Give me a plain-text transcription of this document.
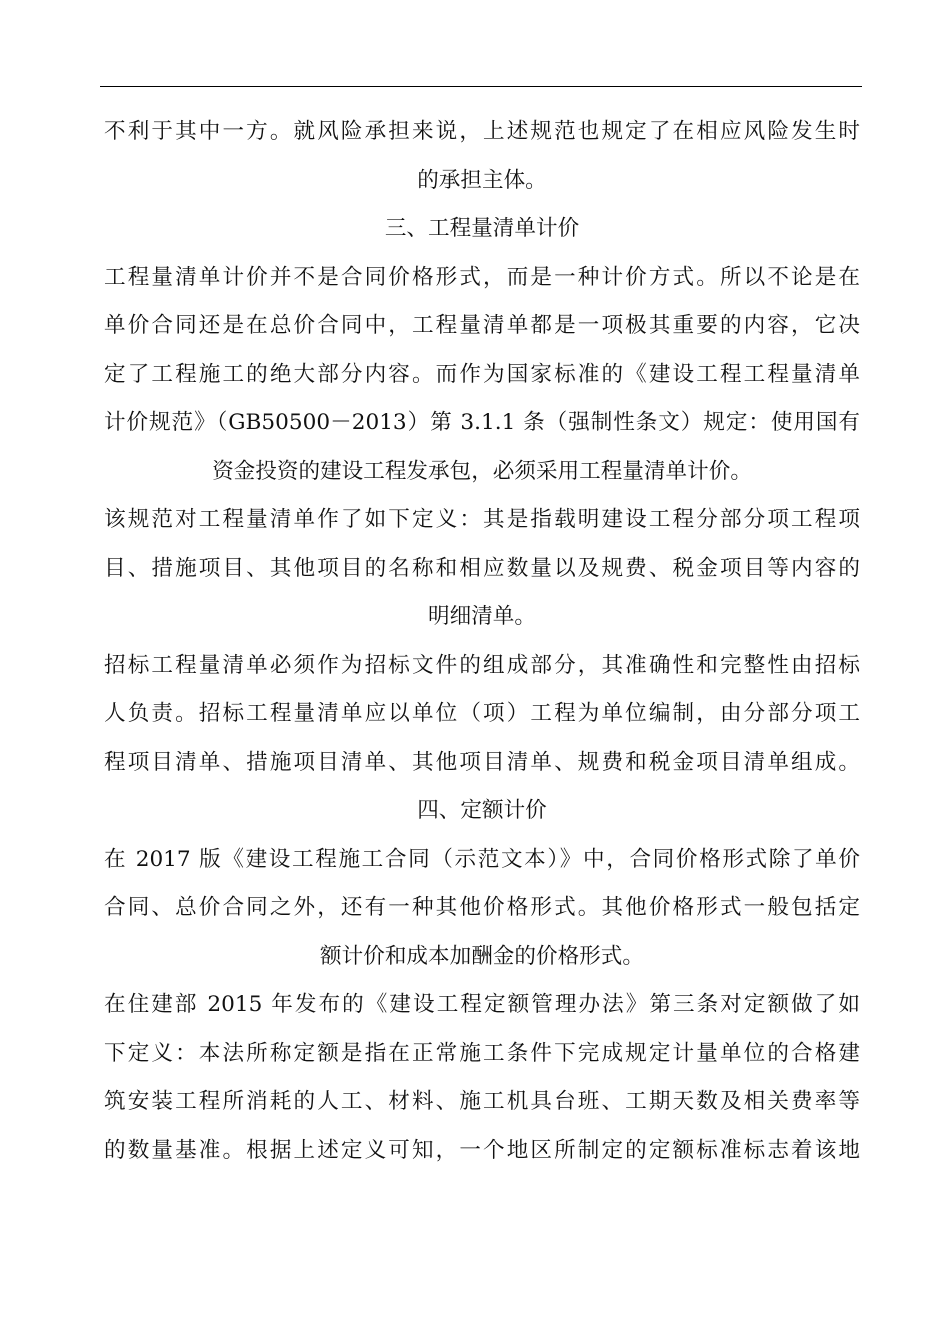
不利于其中一方。就风险承担来说，上述规范也规定了在相应风险发生时
的承担主体。
三、工程量清单计价
工程量清单计价并不是合同价格形式，而是一种计价方式。所以不论是在
单价合同还是在总价合同中，工程量清单都是一项极其重要的内容，它决
定了工程施工的绝大部分内容。而作为国家标准的《建设工程工程量清单
计价规范》（GB50500－2013）第 3.1.1 条（强制性条文）规定：使用国有
资金投资的建设工程发承包，必须采用工程量清单计价。
该规范对工程量清单作了如下定义：其是指载明建设工程分部分项工程项
目、措施项目、其他项目的名称和相应数量以及规费、税金项目等内容的
明细清单。
招标工程量清单必须作为招标文件的组成部分，其准确性和完整性由招标
人负责。招标工程量清单应以单位（项）工程为单位编制，由分部分项工
程项目清单、措施项目清单、其他项目清单、规费和税金项目清单组成。
四、定额计价
在 2017 版《建设工程施工合同（示范文本）》中，合同价格形式除了单价
合同、总价合同之外，还有一种其他价格形式。其他价格形式一般包括定
额计价和成本加酬金的价格形式。
在住建部 2015 年发布的《建设工程定额管理办法》第三条对定额做了如
下定义：本法所称定额是指在正常施工条件下完成规定计量单位的合格建
筑安装工程所消耗的人工、材料、施工机具台班、工期天数及相关费率等
的数量基准。根据上述定义可知，一个地区所制定的定额标准标志着该地
